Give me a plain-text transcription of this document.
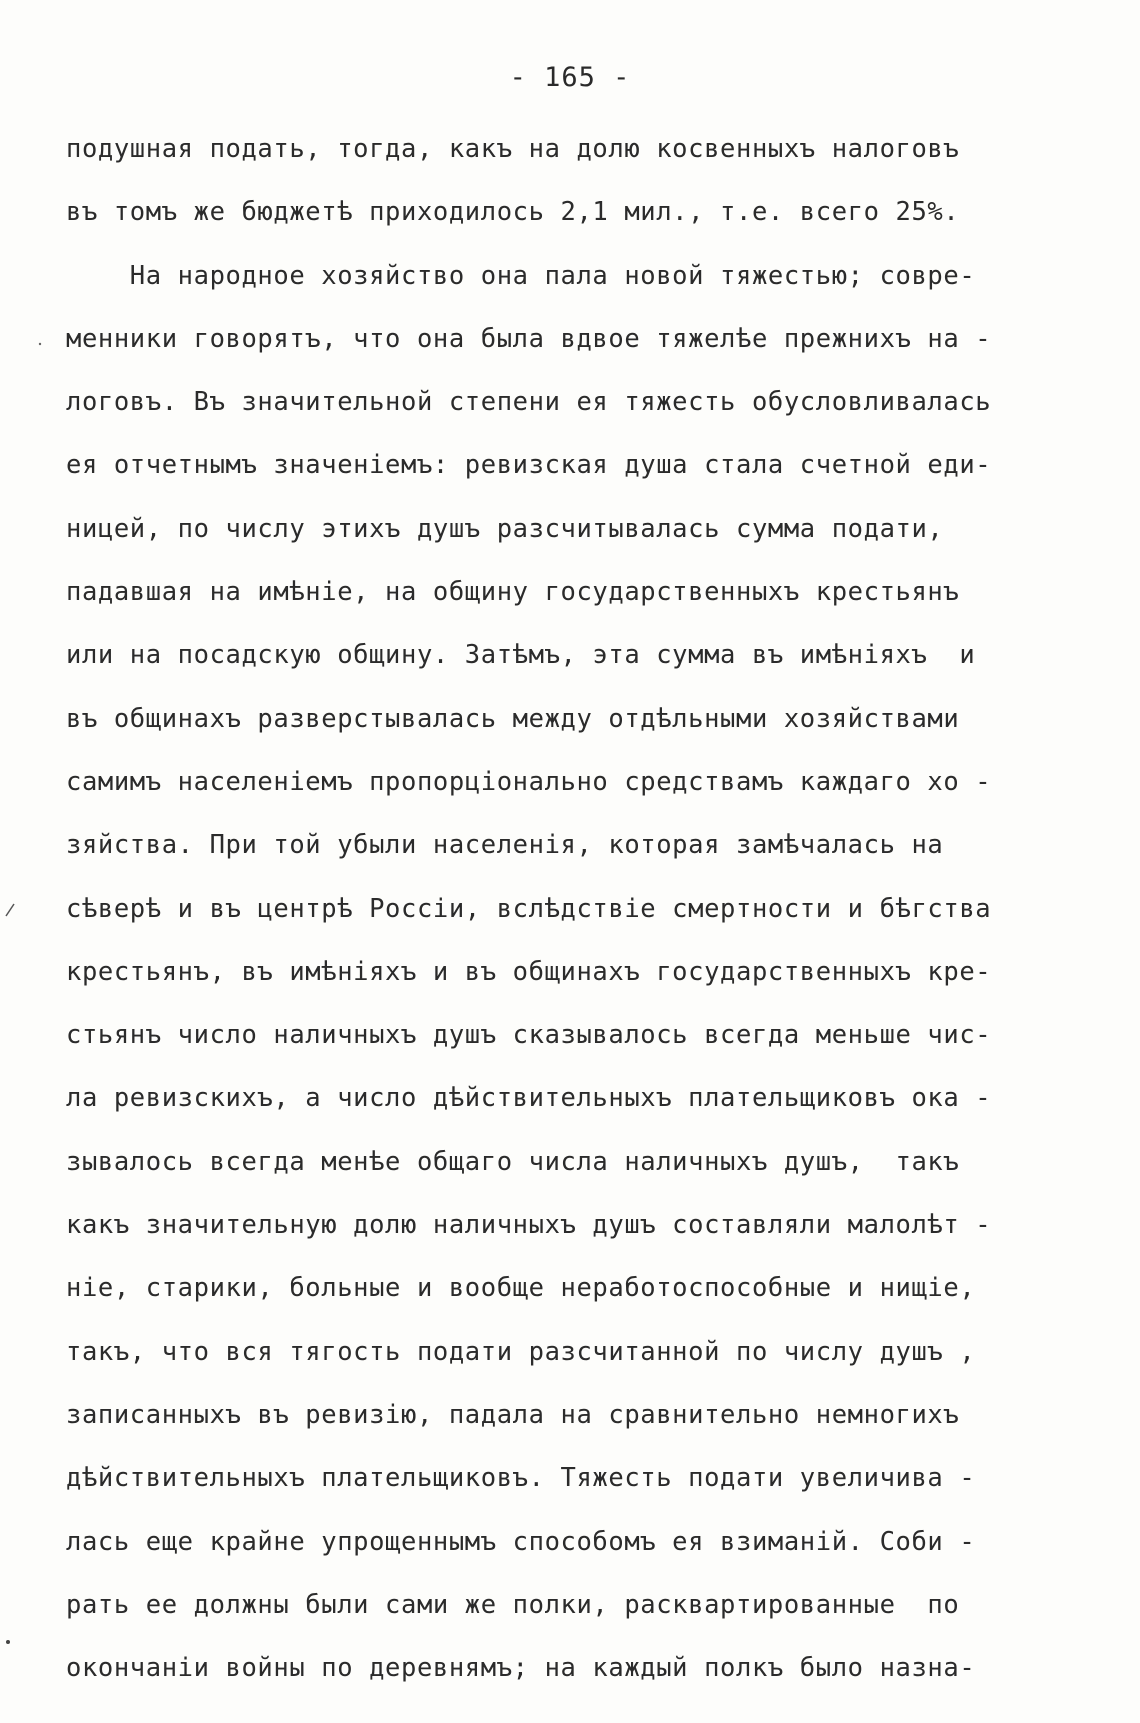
- 165 -
подушная подать, тогда, какъ на долю косвенныхъ налоговъ
въ томъ же бюджетѣ приходилось 2,1 мил., т.е. всего 25%.
На народное хозяйство она пала новой тяжестью; совре-
менники говорятъ, что она была вдвое тяжелѣе прежнихъ на -
логовъ. Въ значительной степени ея тяжесть обусловливалась
ея отчетнымъ значеніемъ: ревизская душа стала счетной еди-
ницей, по числу этихъ душъ разсчитывалась сумма подати,
падавшая на имѣніе, на общину государственныхъ крестьянъ
или на посадскую общину. Затѣмъ, эта сумма въ имѣніяхъ  и
въ общинахъ разверстывалась между отдѣльными хозяйствами
самимъ населеніемъ пропорціонально средствамъ каждаго хо -
зяйства. При той убыли населенія, которая замѣчалась на
сѣверѣ и въ центрѣ Россіи, вслѣдствіе смертности и бѣгства
крестьянъ, въ имѣніяхъ и въ общинахъ государственныхъ кре-
стьянъ число наличныхъ душъ сказывалось всегда меньше чис-
ла ревизскихъ, а число дѣйствительныхъ плательщиковъ ока -
зывалось всегда менѣе общаго числа наличныхъ душъ,  такъ
какъ значительную долю наличныхъ душъ составляли малолѣт -
ніе, старики, больные и вообще неработоспособные и нищіе,
такъ, что вся тягость подати разсчитанной по числу душъ ,
записанныхъ въ ревизію, падала на сравнительно немногихъ
дѣйствительныхъ плательщиковъ. Тяжесть подати увеличива -
лась еще крайне упрощеннымъ способомъ ея взиманій. Соби -
рать ее должны были сами же полки, расквартированные  по
окончаніи войны по деревнямъ; на каждый полкъ было назна-
